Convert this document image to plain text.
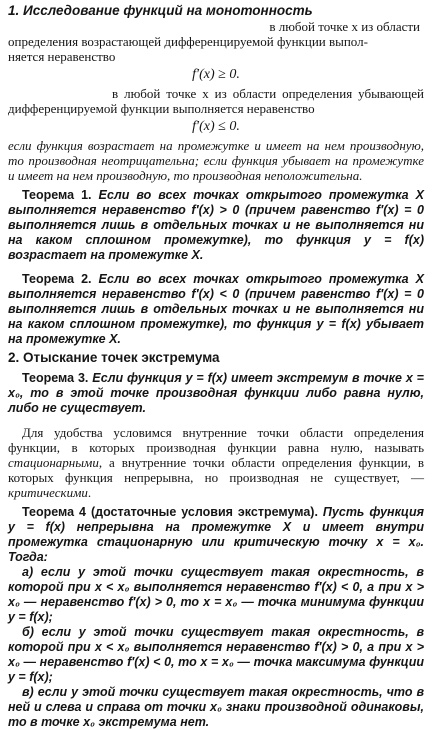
1. Исследование функций на монотонность

в любой точке x из области

определения возрастающей дифференцируемой функции выпол-

няется неравенство

f′(x) ≥ 0.

в любой точке x из области определения убывающей дифференцируемой функции выполняется неравенство

f′(x) ≤ 0.

если функция возрастает на промежутке и имеет на нем производную, то производная неотрицательна; если функция убывает на промежутке и имеет на нем производную, то производная неположительна.

Теорема 1. Если во всех точках открытого промежутка X выполняется неравенство f′(x) > 0 (причем равенство f′(x) = 0 выполняется лишь в отдельных точках и не выполняется ни на каком сплошном промежутке), то функция y = f(x) возрастает на промежутке X.

Теорема 2. Если во всех точках открытого промежутка X выполняется неравенство f′(x) < 0 (причем равенство f′(x) = 0 выполняется лишь в отдельных точках и не выполняется ни на каком сплошном промежутке), то функция y = f(x) убывает на промежутке X.

2. Отыскание точек экстремума

Теорема 3. Если функция y = f(x) имеет экстремум в точке x = x₀, то в этой точке производная функции либо равна нулю, либо не существует.

Для удобства условимся внутренние точки области определения функции, в которых производная функции равна нулю, называть стационарными, а внутренние точки области определения функции, в которых функция непрерывна, но производная не существует, — критическими.

Теорема 4 (достаточные условия экстремума). Пусть функция y = f(x) непрерывна на промежутке X и имеет внутри промежутка стационарную или критическую точку x = x₀. Тогда:

а) если у этой точки существует такая окрестность, в которой при x < x₀ выполняется неравенство f′(x) < 0, а при x > x₀ — неравенство f′(x) > 0, то x = x₀ — точка минимума функции y = f(x);

б) если у этой точки существует такая окрестность, в которой при x < x₀ выполняется неравенство f′(x) > 0, а при x > x₀ — неравенство f′(x) < 0, то x = x₀ — точка максимума функции y = f(x);

в) если у этой точки существует такая окрестность, что в ней и слева и справа от точки x₀ знаки производной одинаковы, то в точке x₀ экстремума нет.
